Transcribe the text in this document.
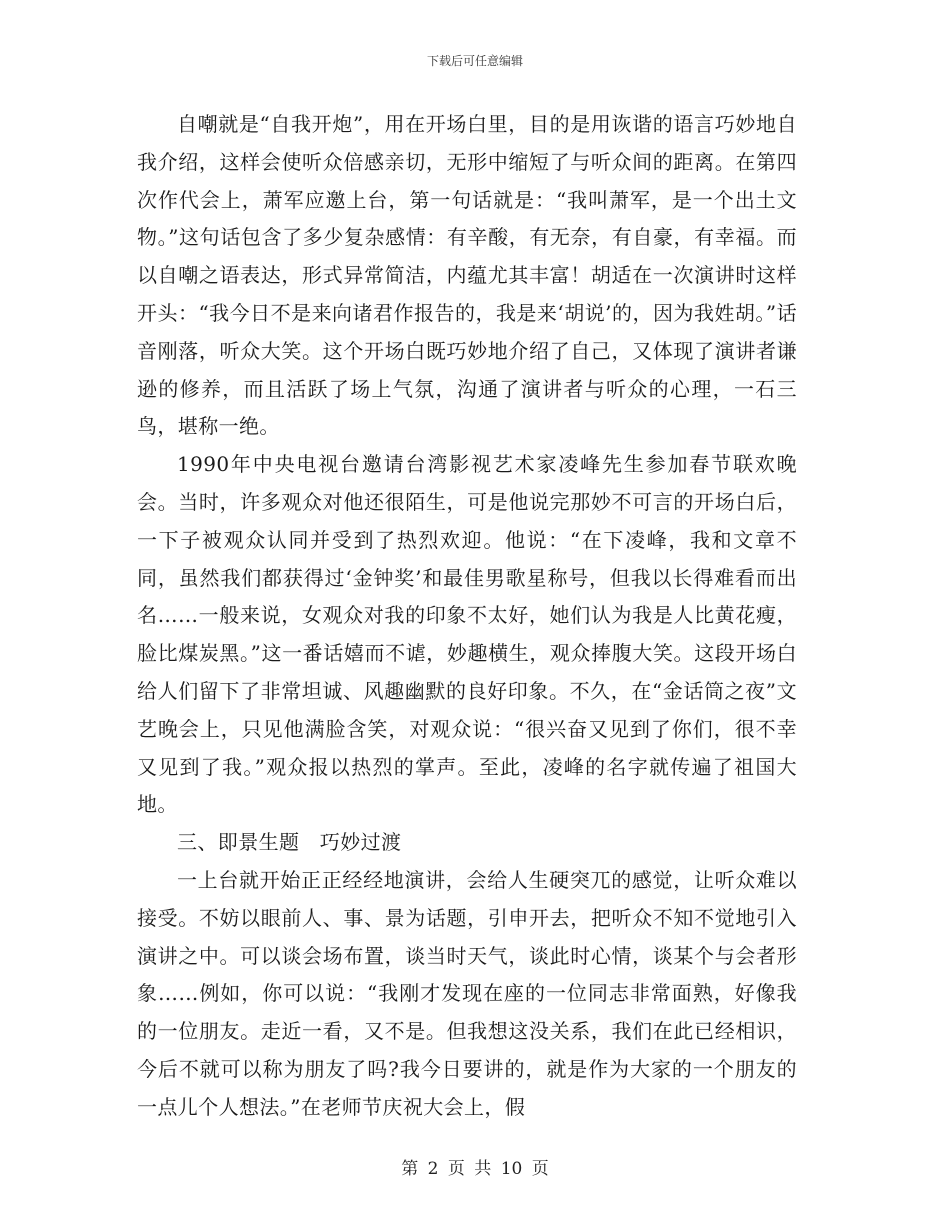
下载后可任意编辑

自嘲就是“自我开炮”，用在开场白里，目的是用诙谐的语言巧妙地自我介绍，这样会使听众倍感亲切，无形中缩短了与听众间的距离。在第四次作代会上，萧军应邀上台，第一句话就是：“我叫萧军，是一个出土文物。”这句话包含了多少复杂感情：有辛酸，有无奈，有自豪，有幸福。而以自嘲之语表达，形式异常简洁，内蕴尤其丰富！胡适在一次演讲时这样开头：“我今日不是来向诸君作报告的，我是来‘胡说’的，因为我姓胡。”话音刚落，听众大笑。这个开场白既巧妙地介绍了自己，又体现了演讲者谦逊的修养，而且活跃了场上气氛，沟通了演讲者与听众的心理，一石三鸟，堪称一绝。

1990年中央电视台邀请台湾影视艺术家凌峰先生参加春节联欢晚会。当时，许多观众对他还很陌生，可是他说完那妙不可言的开场白后，一下子被观众认同并受到了热烈欢迎。他说：“在下凌峰，我和文章不同，虽然我们都获得过‘金钟奖’和最佳男歌星称号，但我以长得难看而出名……一般来说，女观众对我的印象不太好，她们认为我是人比黄花瘦，脸比煤炭黑。”这一番话嬉而不谑，妙趣横生，观众捧腹大笑。这段开场白给人们留下了非常坦诚、风趣幽默的良好印象。不久，在“金话筒之夜”文艺晚会上，只见他满脸含笑，对观众说：“很兴奋又见到了你们，很不幸又见到了我。”观众报以热烈的掌声。至此，凌峰的名字就传遍了祖国大地。

三、即景生题　巧妙过渡

一上台就开始正正经经地演讲，会给人生硬突兀的感觉，让听众难以接受。不妨以眼前人、事、景为话题，引申开去，把听众不知不觉地引入演讲之中。可以谈会场布置，谈当时天气，谈此时心情，谈某个与会者形象……例如，你可以说：“我刚才发现在座的一位同志非常面熟，好像我的一位朋友。走近一看，又不是。但我想这没关系，我们在此已经相识，今后不就可以称为朋友了吗?我今日要讲的，就是作为大家的一个朋友的一点儿个人想法。”在老师节庆祝大会上，假

第 2 页 共 10 页
